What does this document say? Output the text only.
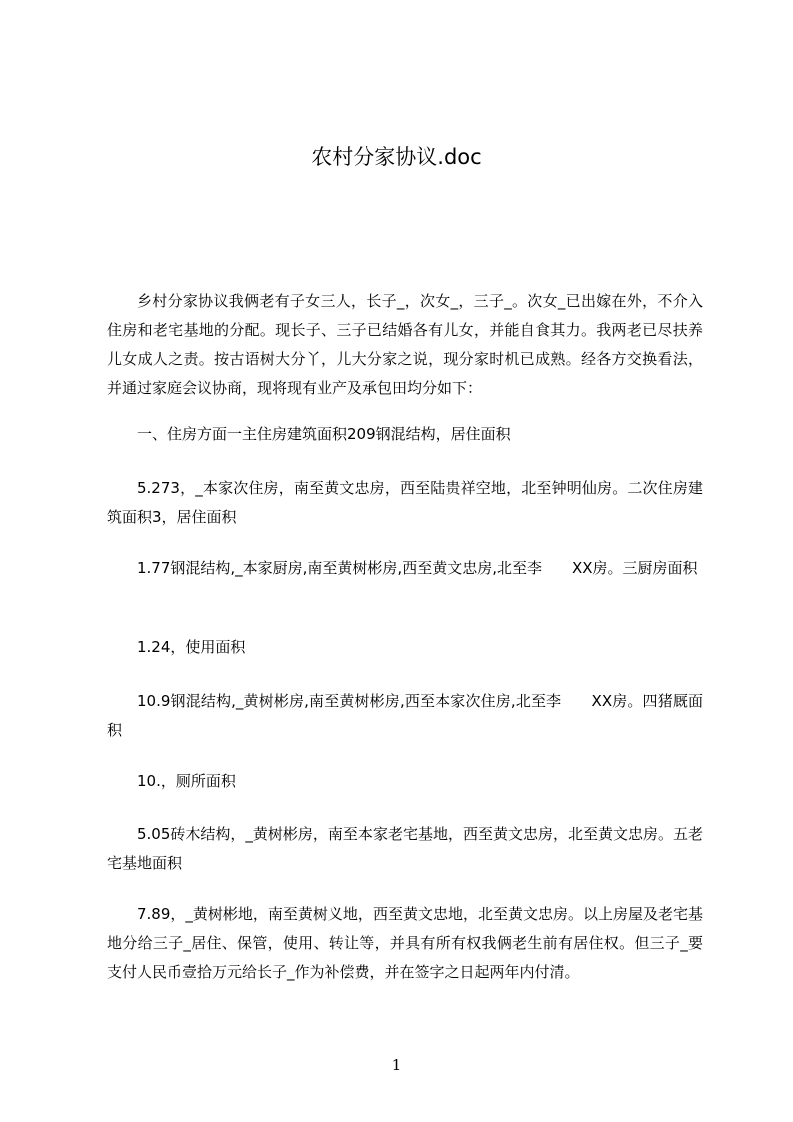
农村分家协议.doc

乡村分家协议我俩老有子女三人，长子_，次女_，三子_。次女_已出嫁在外，不介入住房和老宅基地的分配。现长子、三子已结婚各有儿女，并能自食其力。我两老已尽扶养儿女成人之责。按古语树大分丫，儿大分家之说，现分家时机已成熟。经各方交换看法，并通过家庭会议协商，现将现有业产及承包田均分如下：

一、住房方面一主住房建筑面积209钢混结构，居住面积

5.273，_本家次住房，南至黄文忠房，西至陆贵祥空地，北至钟明仙房。二次住房建筑面积3，居住面积

1.77钢混结构,_本家厨房,南至黄树彬房,西至黄文忠房,北至李　　XX房。三厨房面积

1.24，使用面积

10.9钢混结构,_黄树彬房,南至黄树彬房,西至本家次住房,北至李　　XX房。四猪厩面积

10.，厕所面积

5.05砖木结构，_黄树彬房，南至本家老宅基地，西至黄文忠房，北至黄文忠房。五老宅基地面积

7.89，_黄树彬地，南至黄树义地，西至黄文忠地，北至黄文忠房。以上房屋及老宅基地分给三子_居住、保管，使用、转让等，并具有所有权我俩老生前有居住权。但三子_要支付人民币壹拾万元给长子_作为补偿费，并在签字之日起两年内付清。

1
